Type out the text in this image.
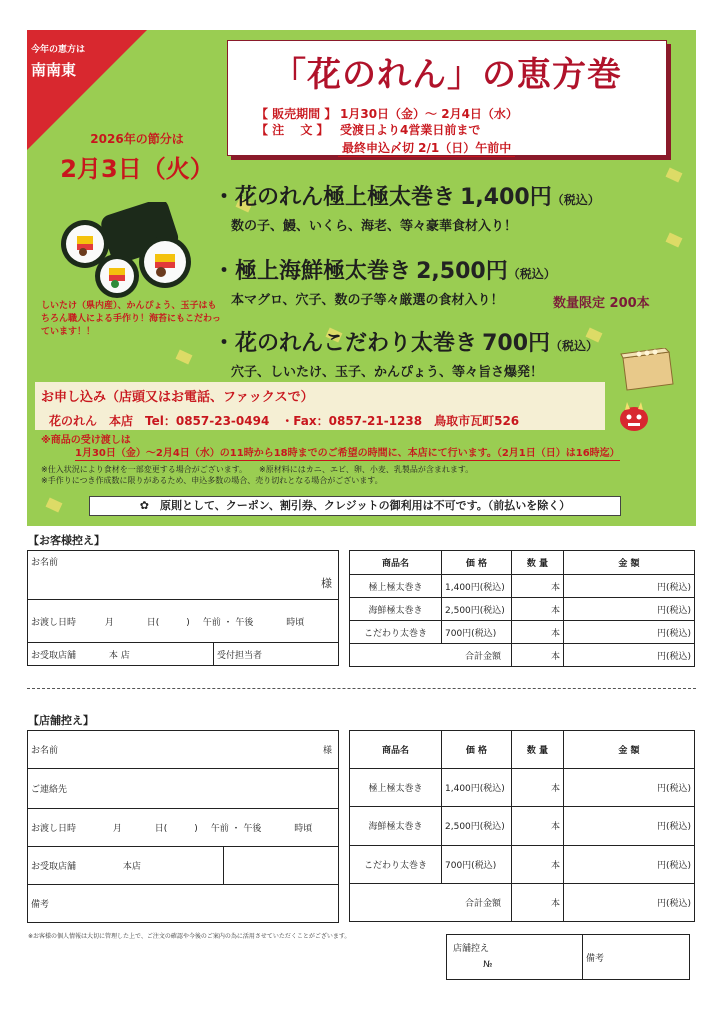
今年の恵方は
南南東
2026年の節分は
2月3日（火）
「花のれん」の恵方巻
【 販売期間 】 1月30日（金）～ 2月4日（水）
【 注　 文 】 受渡日より4営業日前まで
最終申込〆切 2/1（日）午前中
しいたけ（県内産）、かんぴょう、玉子はもちろん職人による手作り！海苔にもこだわっています！！
・花のれん極上極太巻き 1,400円（税込）
数の子、鰻、いくら、海老、等々豪華食材入り！
・極上海鮮極太巻き 2,500円（税込）
本マグロ、穴子、数の子等々厳選の食材入り！	数量限定 200本
・花のれんこだわり太巻き 700円（税込）
穴子、しいたけ、玉子、かんぴょう、等々旨さ爆発！
お申し込み（店頭又はお電話、ファックスで）
花のれん　本店　Tel：0857-23-0494　・Fax：0857-21-1238　鳥取市瓦町526
※商品の受け渡しは
1月30日（金）～2月4日（水）の11時から18時までのご希望の時間に、本店にて行います。（2月1日（日）は16時迄）
※仕入状況により食材を一部変更する場合がございます。　　※原材料にはカニ、エビ、卵、小麦、乳製品が含まれます。
※手作りにつき作成数に限りがあるため、申込多数の場合、売り切れとなる場合がございます。
✿　原則として、クーポン、割引券、クレジットの御利用は不可です。（前払いを除く）
【お客様控え】
お名前
様

お渡し日時	月	日(　　　) 午前 ・ 午後	時頃
お受取店舗	本 店	受付担当者
商品名	価 格	数 量	金 額
極上極太巻き	1,400円(税込)	本	円(税込)
海鮮極太巻き	2,500円(税込)	本	円(税込)
こだわり太巻き	700円(税込)	本	円(税込)
合計金額		本	円(税込)
【店舗控え】
お名前	様

ご連絡先
お渡し日時	月	日(　　　) 午前 ・ 午後	時頃
お受取店舗	本店	
備考
商品名	価 格	数 量	金 額
極上極太巻き	1,400円(税込)	本	円(税込)
海鮮極太巻き	2,500円(税込)	本	円(税込)
こだわり太巻き	700円(税込)	本	円(税込)
合計金額		本	円(税込)
※お客様の個人情報は大切に管理した上で、ご注文の確認や今後のご案内の為に活用させていただくことがございます。
店舗控え
№
	備考
